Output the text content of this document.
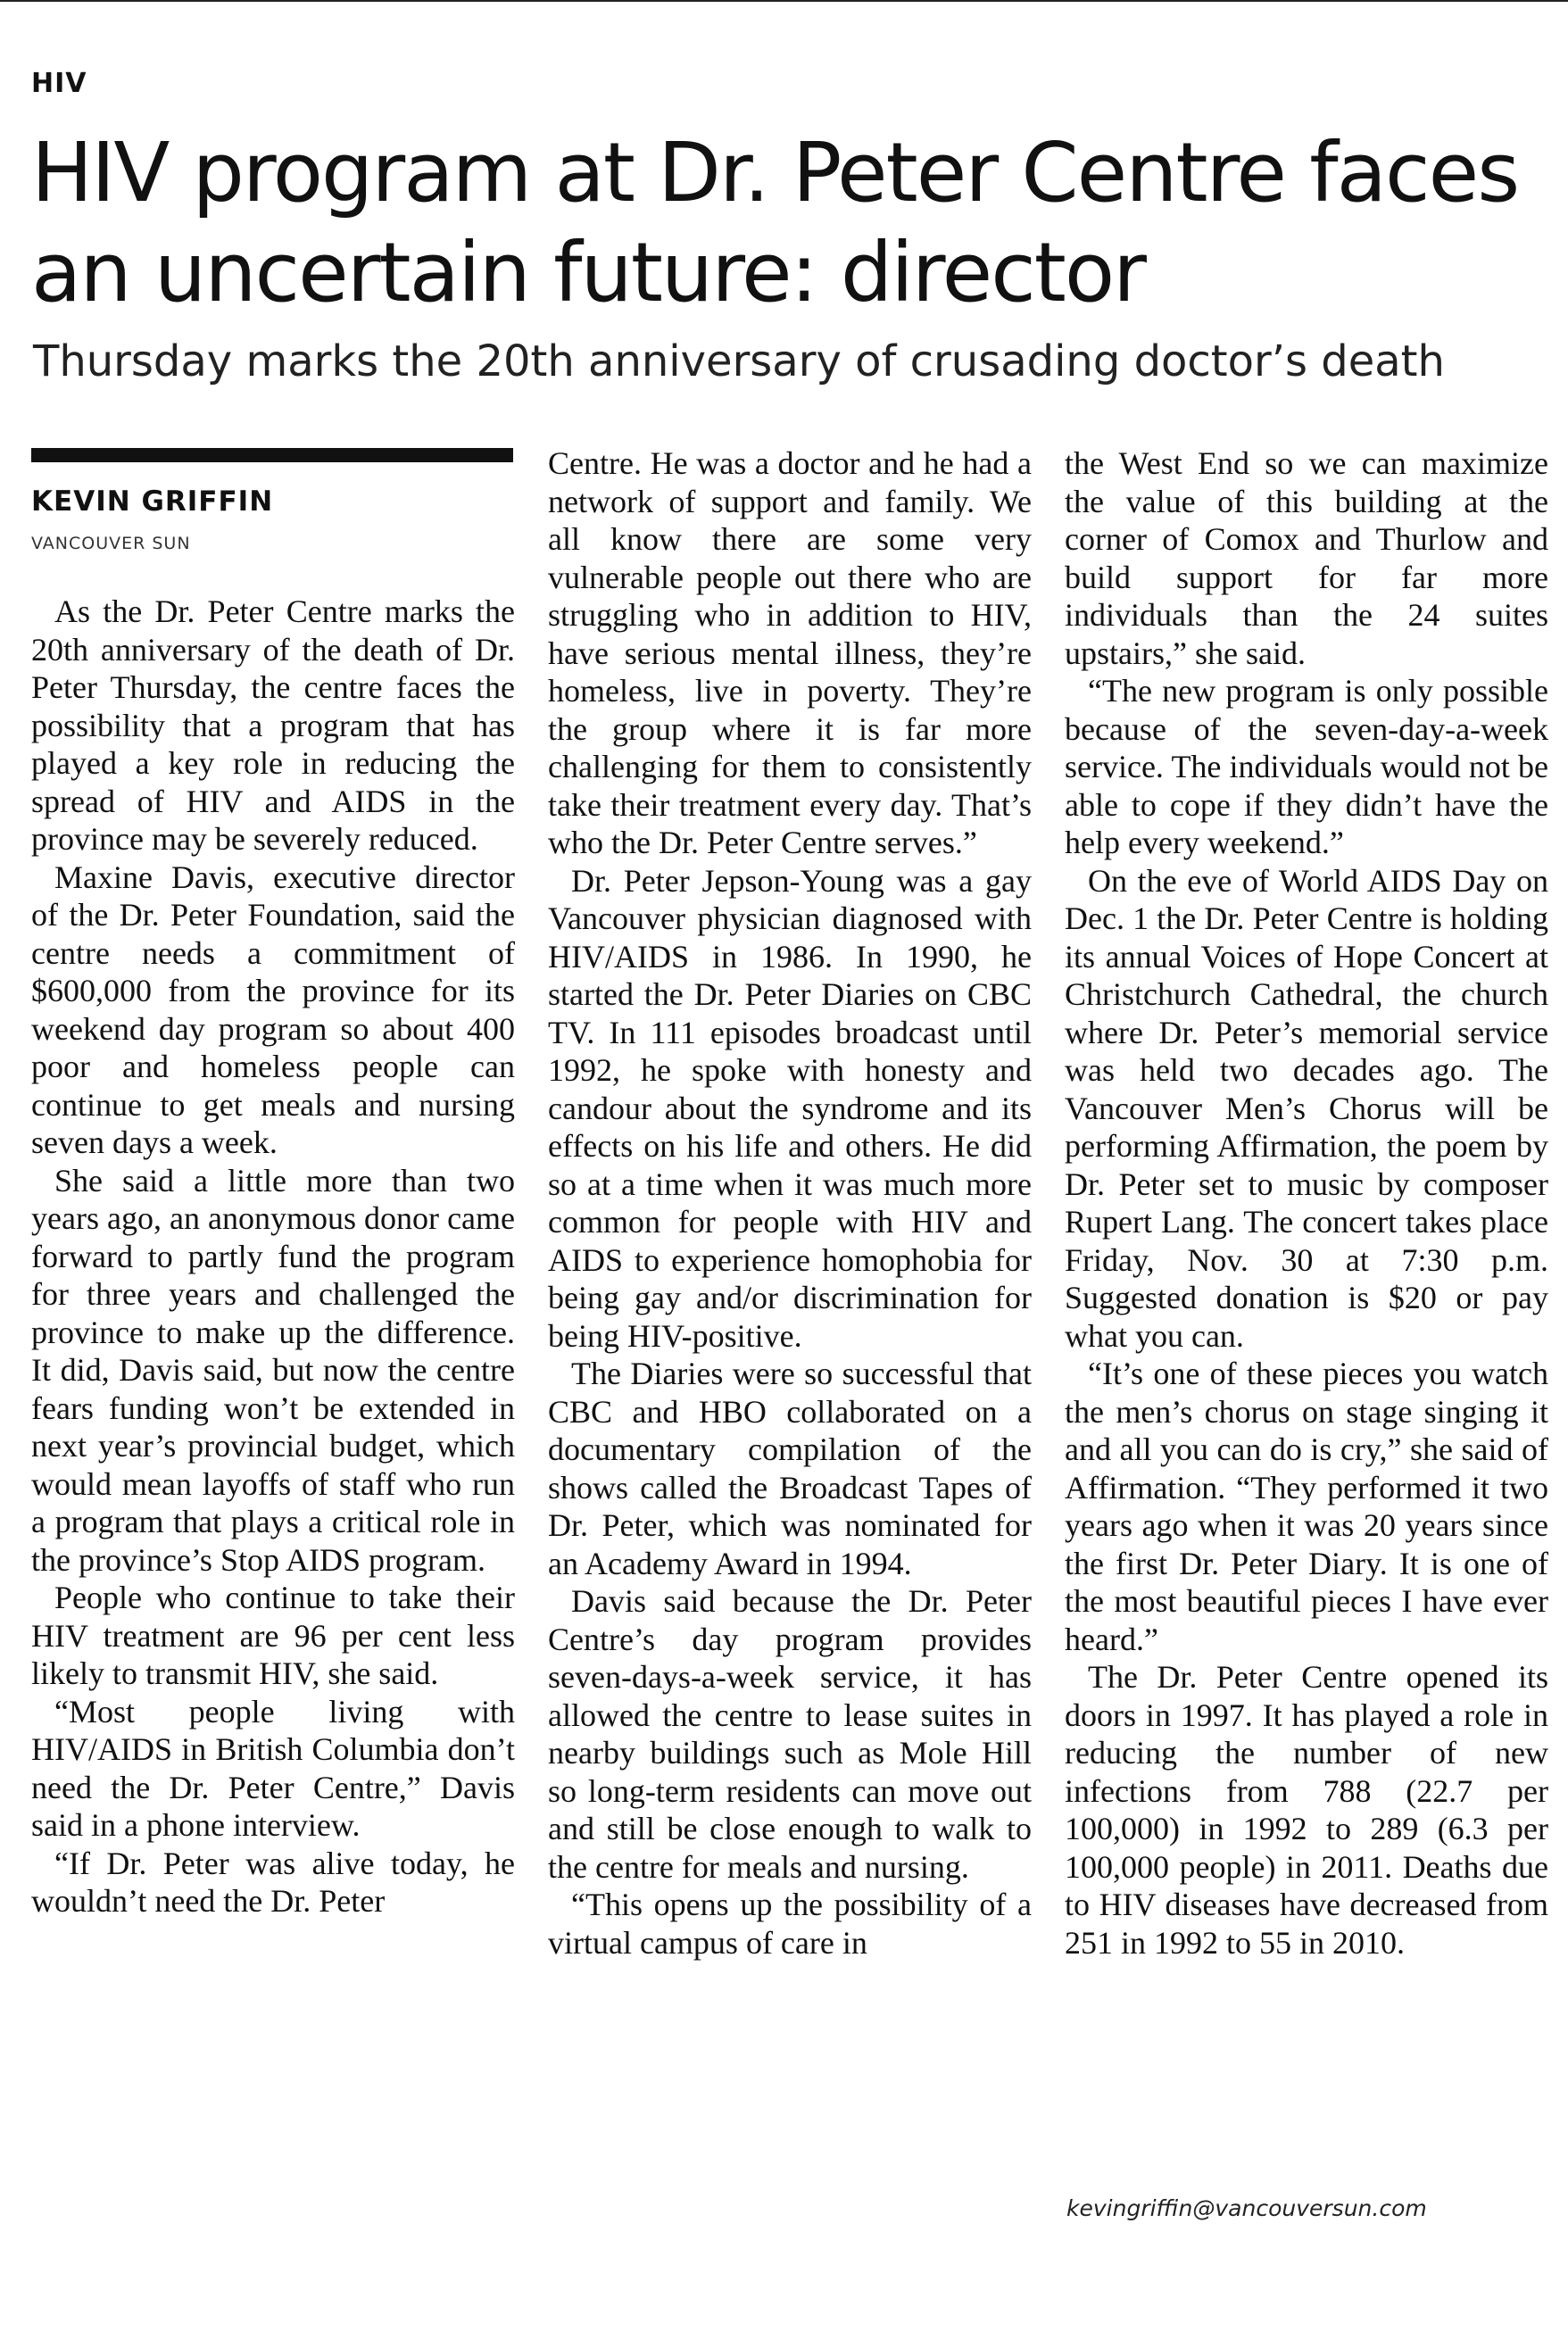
HIV
HIV program at Dr. Peter Centre faces an uncertain future: director
Thursday marks the 20th anniversary of crusading doctor’s death
KEVIN GRIFFIN
VANCOUVER SUN

As the Dr. Peter Centre marks the 20th anniversary of the death of Dr. Peter Thursday, the centre faces the possibility that a program that has played a key role in reducing the spread of HIV and AIDS in the province may be severely reduced.

Maxine Davis, executive director of the Dr. Peter Foundation, said the centre needs a commitment of $600,000 from the province for its weekend day program so about 400 poor and homeless people can continue to get meals and nursing seven days a week.

She said a little more than two years ago, an anonymous donor came forward to partly fund the program for three years and challenged the province to make up the difference. It did, Davis said, but now the centre fears funding won’t be extended in next year’s provincial budget, which would mean layoffs of staff who run a program that plays a critical role in the province’s Stop AIDS program.

People who continue to take their HIV treatment are 96 per cent less likely to transmit HIV, she said.

“Most people living with HIV/AIDS in British Columbia don’t need the Dr. Peter Centre,” Davis said in a phone interview.

“If Dr. Peter was alive today, he wouldn’t need the Dr. Peter

Centre. He was a doctor and he had a network of support and family. We all know there are some very vulnerable people out there who are struggling who in addition to HIV, have serious mental illness, they’re homeless, live in poverty. They’re the group where it is far more challenging for them to consistently take their treatment every day. That’s who the Dr. Peter Centre serves.”

Dr. Peter Jepson-Young was a gay Vancouver physician diagnosed with HIV/AIDS in 1986. In 1990, he started the Dr. Peter Diaries on CBC TV. In 111 episodes broadcast until 1992, he spoke with honesty and candour about the syndrome and its effects on his life and others. He did so at a time when it was much more common for people with HIV and AIDS to experience homophobia for being gay and/or discrimination for being HIV-positive.

The Diaries were so successful that CBC and HBO collaborated on a documentary compilation of the shows called the Broadcast Tapes of Dr. Peter, which was nominated for an Academy Award in 1994.

Davis said because the Dr. Peter Centre’s day program provides seven-days-a-week service, it has allowed the centre to lease suites in nearby buildings such as Mole Hill so long-term residents can move out and still be close enough to walk to the centre for meals and nursing.

“This opens up the possibility of a virtual campus of care in

the West End so we can maximize the value of this building at the corner of Comox and Thurlow and build support for far more individuals than the 24 suites upstairs,” she said.

“The new program is only possible because of the seven-day-a-week service. The individuals would not be able to cope if they didn’t have the help every weekend.”

On the eve of World AIDS Day on Dec. 1 the Dr. Peter Centre is holding its annual Voices of Hope Concert at Christchurch Cathedral, the church where Dr. Peter’s memorial service was held two decades ago. The Vancouver Men’s Chorus will be performing Affirmation, the poem by Dr. Peter set to music by composer Rupert Lang. The concert takes place Friday, Nov. 30 at 7:30 p.m. Suggested donation is $20 or pay what you can.

“It’s one of these pieces you watch the men’s chorus on stage singing it and all you can do is cry,” she said of Affirmation. “They performed it two years ago when it was 20 years since the first Dr. Peter Diary. It is one of the most beautiful pieces I have ever heard.”

The Dr. Peter Centre opened its doors in 1997. It has played a role in reducing the number of new infections from 788 (22.7 per 100,000) in 1992 to 289 (6.3 per 100,000 people) in 2011. Deaths due to HIV diseases have decreased from 251 in 1992 to 55 in 2010.

kevingriffin@vancouversun.com
